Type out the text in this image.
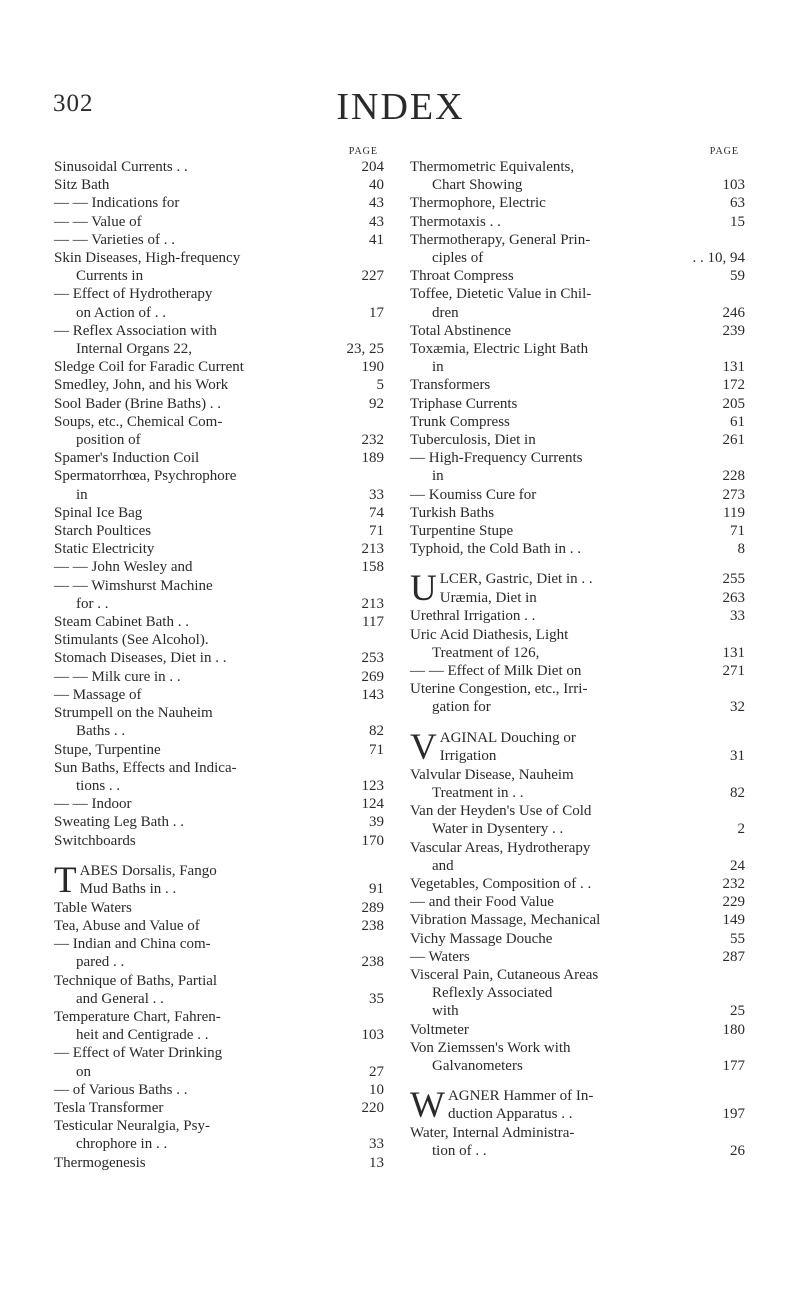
302	INDEX
PAGE
Sinusoidal Currents . .	204
Sitz Bath	40
— — Indications for	43
— — Value of	43
— — Varieties of . .	41
Skin Diseases, High-frequency
Currents in	227
— Effect of Hydrotherapy
on Action of . .	17
— Reflex Association with
Internal Organs 22,	23, 25
Sledge Coil for Faradic Current	190
Smedley, John, and his Work	5
Sool Bader (Brine Baths) . .	92
Soups, etc., Chemical Com-
position of	232
Spamer's Induction Coil	189
Spermatorrhœa, Psychrophore
in	33
Spinal Ice Bag	74
Starch Poultices	71
Static Electricity	213
— — John Wesley and	158
— — Wimshurst Machine
for . .	213
Steam Cabinet Bath . .	117
Stimulants (See Alcohol).
Stomach Diseases, Diet in . .	253
— — Milk cure in . .	269
— Massage of	143
Strumpell on the Nauheim
Baths . .	82
Stupe, Turpentine	71
Sun Baths, Effects and Indica-
tions . .	123
— — Indoor	124
Sweating Leg Bath . .	39
Switchboards	170
T ABES Dorsalis, Fango
Mud Baths in . .	91
Table Waters	289
Tea, Abuse and Value of	238
— Indian and China com-
pared . .	238
Technique of Baths, Partial
and General . .	35
Temperature Chart, Fahren-
heit and Centigrade . .	103
— Effect of Water Drinking
on	27
— of Various Baths . .	10
Tesla Transformer	220
Testicular Neuralgia, Psy-
chrophore in . .	33
Thermogenesis	13
PAGE
Thermometric Equivalents,
Chart Showing	103
Thermophore, Electric	63
Thermotaxis . .	15
Thermotherapy, General Prin-
ciples of	. . 10, 94
Throat Compress	59
Toffee, Dietetic Value in Chil-
dren	246
Total Abstinence	239
Toxæmia, Electric Light Bath
in	131
Transformers	172
Triphase Currents	205
Trunk Compress	61
Tuberculosis, Diet in	261
— High-Frequency Currents
in	228
— Koumiss Cure for	273
Turkish Baths	119
Turpentine Stupe	71
Typhoid, the Cold Bath in . .	8
U LCER, Gastric, Diet in . .	255
Uræmia, Diet in	263
Urethral Irrigation . .	33
Uric Acid Diathesis, Light
Treatment of 126,	131
— — Effect of Milk Diet on	271
Uterine Congestion, etc., Irri-
gation for	32
V AGINAL Douching or
Irrigation	31
Valvular Disease, Nauheim
Treatment in . .	82
Van der Heyden's Use of Cold
Water in Dysentery . .	2
Vascular Areas, Hydrotherapy
and	24
Vegetables, Composition of . .	232
— and their Food Value	229
Vibration Massage, Mechanical	149
Vichy Massage Douche	55
— Waters	287
Visceral Pain, Cutaneous Areas
Reflexly Associated
with	25
Voltmeter	180
Von Ziemssen's Work with
Galvanometers	177
W AGNER Hammer of In-
duction Apparatus . .	197
Water, Internal Administra-
tion of . .	26
